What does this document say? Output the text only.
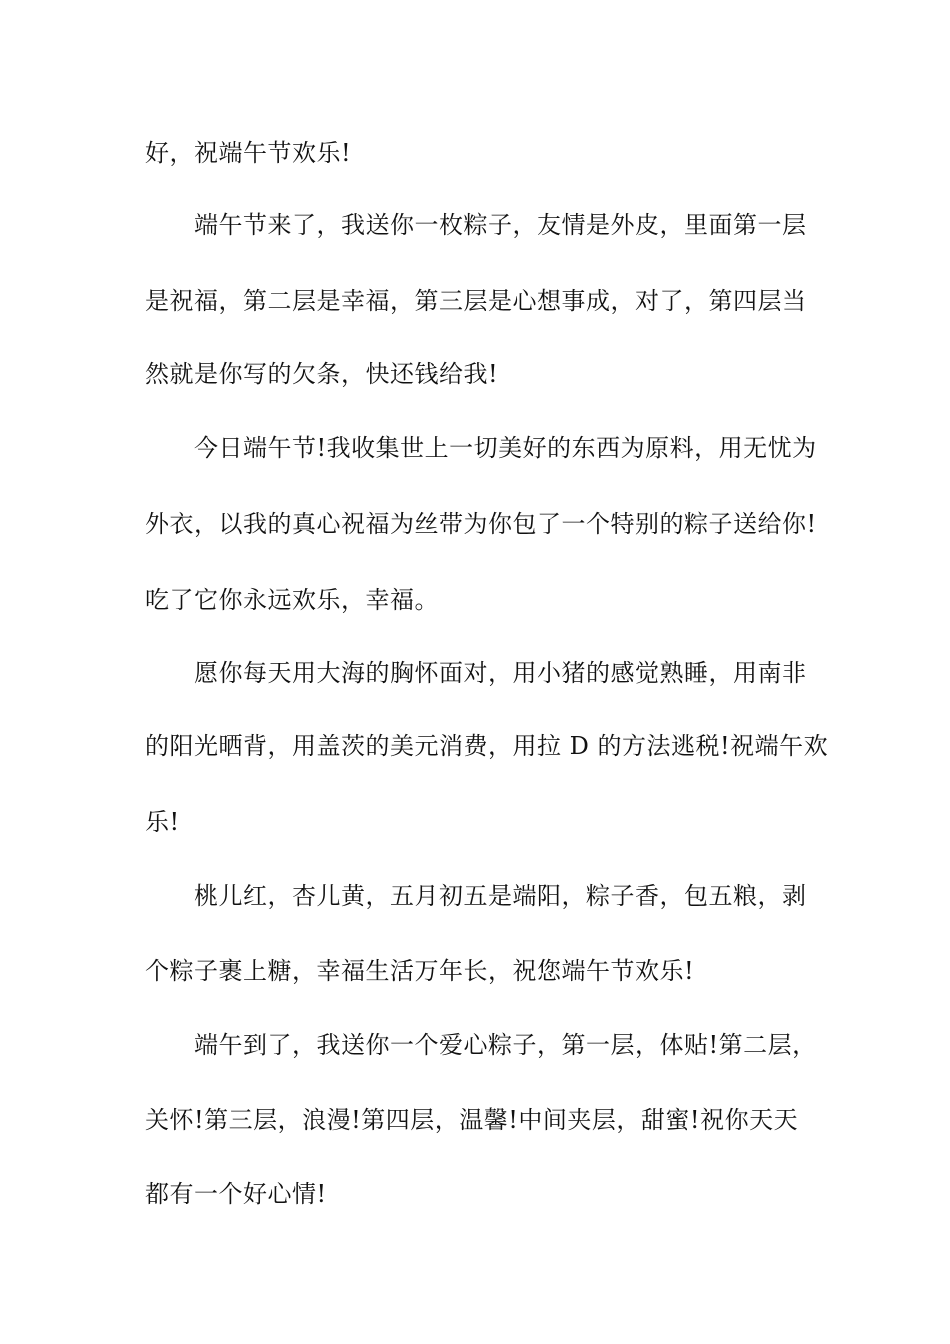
好，祝端午节欢乐!
端午节来了，我送你一枚粽子，友情是外皮，里面第一层
是祝福，第二层是幸福，第三层是心想事成，对了，第四层当
然就是你写的欠条，快还钱给我!
今日端午节!我收集世上一切美好的东西为原料，用无忧为
外衣，以我的真心祝福为丝带为你包了一个特别的粽子送给你!
吃了它你永远欢乐，幸福。
愿你每天用大海的胸怀面对，用小猪的感觉熟睡，用南非
的阳光晒背，用盖茨的美元消费，用拉 D 的方法逃税!祝端午欢
乐!
桃儿红，杏儿黄，五月初五是端阳，粽子香，包五粮，剥
个粽子裹上糖，幸福生活万年长，祝您端午节欢乐!
端午到了，我送你一个爱心粽子，第一层，体贴!第二层，
关怀!第三层，浪漫!第四层，温馨!中间夹层，甜蜜!祝你天天
都有一个好心情!
